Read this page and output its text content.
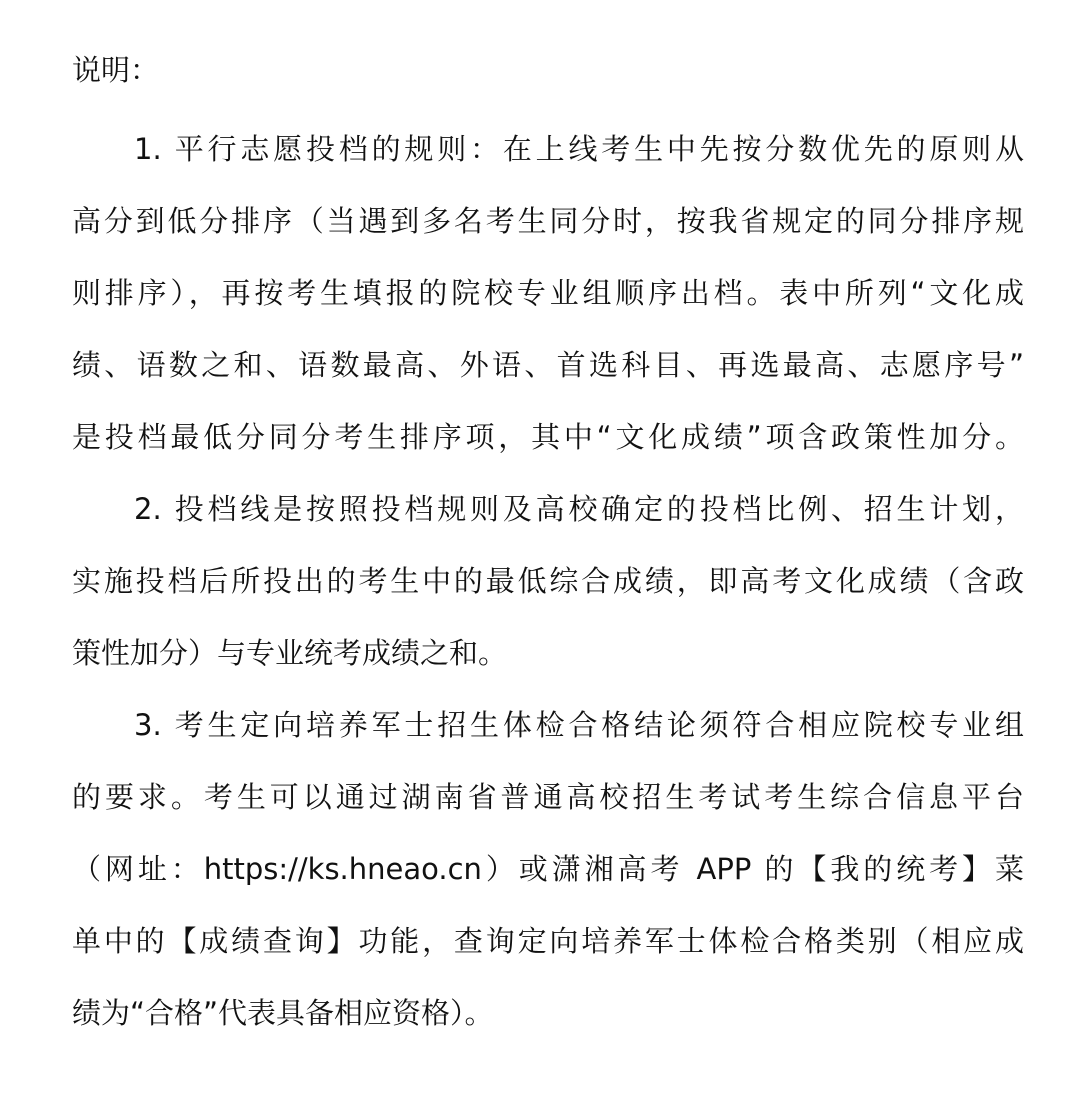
说明：

1. 平行志愿投档的规则：在上线考生中先按分数优先的原则从
高分到低分排序（当遇到多名考生同分时，按我省规定的同分排序规
则排序），再按考生填报的院校专业组顺序出档。表中所列“文化成
绩、语数之和、语数最高、外语、首选科目、再选最高、志愿序号”
是投档最低分同分考生排序项，其中“文化成绩”项含政策性加分。
2. 投档线是按照投档规则及高校确定的投档比例、招生计划，
实施投档后所投出的考生中的最低综合成绩，即高考文化成绩（含政
策性加分）与专业统考成绩之和。
3. 考生定向培养军士招生体检合格结论须符合相应院校专业组
的要求。考生可以通过湖南省普通高校招生考试考生综合信息平台
（网址：https://ks.hneao.cn）或潇湘高考 APP 的【我的统考】菜
单中的【成绩查询】功能，查询定向培养军士体检合格类别（相应成
绩为“合格”代表具备相应资格）。
